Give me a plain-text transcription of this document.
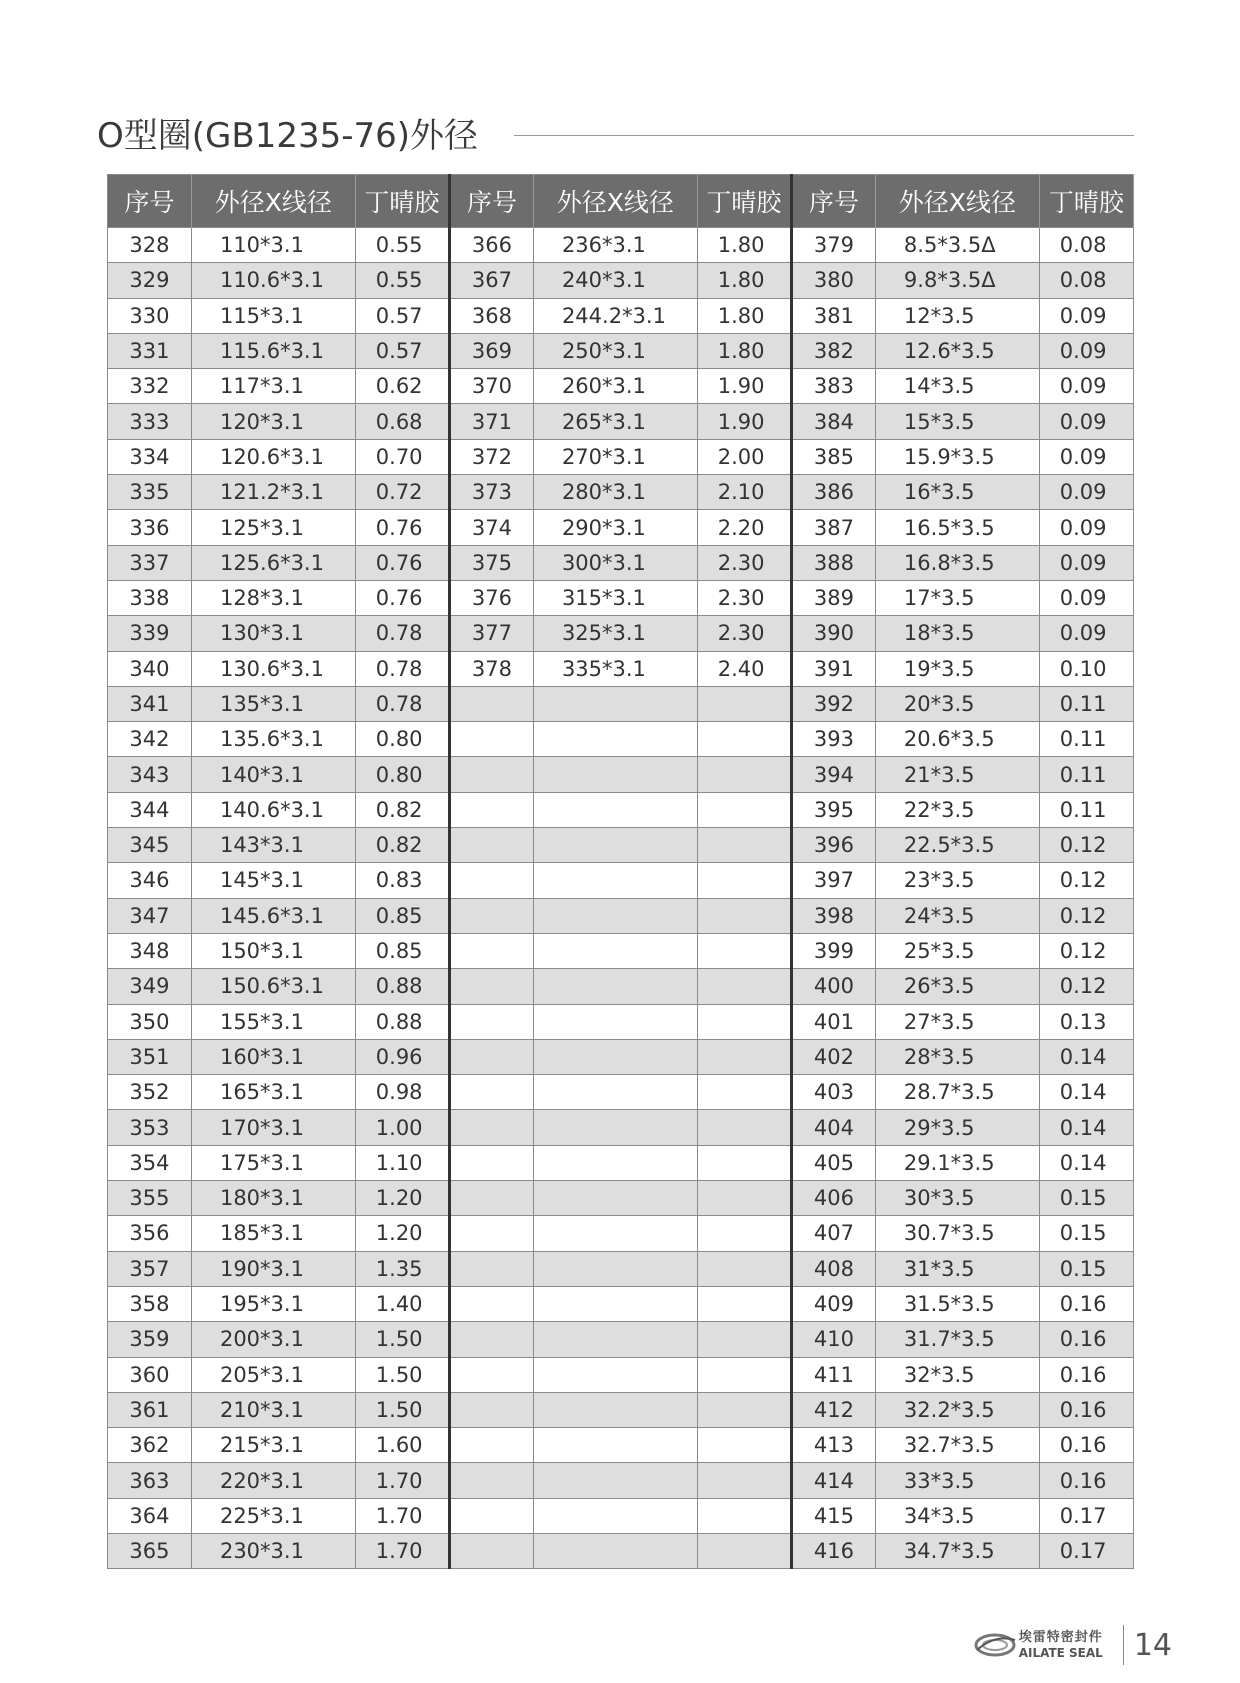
O型圈(GB1235-76)外径
序号	外径X线径	丁晴胶	序号	外径X线径	丁晴胶	序号	外径X线径	丁晴胶
328	110*3.1	0.55	366	236*3.1	1.80	379	8.5*3.5Δ	0.08
329	110.6*3.1	0.55	367	240*3.1	1.80	380	9.8*3.5Δ	0.08
330	115*3.1	0.57	368	244.2*3.1	1.80	381	12*3.5	0.09
331	115.6*3.1	0.57	369	250*3.1	1.80	382	12.6*3.5	0.09
332	117*3.1	0.62	370	260*3.1	1.90	383	14*3.5	0.09
333	120*3.1	0.68	371	265*3.1	1.90	384	15*3.5	0.09
334	120.6*3.1	0.70	372	270*3.1	2.00	385	15.9*3.5	0.09
335	121.2*3.1	0.72	373	280*3.1	2.10	386	16*3.5	0.09
336	125*3.1	0.76	374	290*3.1	2.20	387	16.5*3.5	0.09
337	125.6*3.1	0.76	375	300*3.1	2.30	388	16.8*3.5	0.09
338	128*3.1	0.76	376	315*3.1	2.30	389	17*3.5	0.09
339	130*3.1	0.78	377	325*3.1	2.30	390	18*3.5	0.09
340	130.6*3.1	0.78	378	335*3.1	2.40	391	19*3.5	0.10
341	135*3.1	0.78				392	20*3.5	0.11
342	135.6*3.1	0.80				393	20.6*3.5	0.11
343	140*3.1	0.80				394	21*3.5	0.11
344	140.6*3.1	0.82				395	22*3.5	0.11
345	143*3.1	0.82				396	22.5*3.5	0.12
346	145*3.1	0.83				397	23*3.5	0.12
347	145.6*3.1	0.85				398	24*3.5	0.12
348	150*3.1	0.85				399	25*3.5	0.12
349	150.6*3.1	0.88				400	26*3.5	0.12
350	155*3.1	0.88				401	27*3.5	0.13
351	160*3.1	0.96				402	28*3.5	0.14
352	165*3.1	0.98				403	28.7*3.5	0.14
353	170*3.1	1.00				404	29*3.5	0.14
354	175*3.1	1.10				405	29.1*3.5	0.14
355	180*3.1	1.20				406	30*3.5	0.15
356	185*3.1	1.20				407	30.7*3.5	0.15
357	190*3.1	1.35				408	31*3.5	0.15
358	195*3.1	1.40				409	31.5*3.5	0.16
359	200*3.1	1.50				410	31.7*3.5	0.16
360	205*3.1	1.50				411	32*3.5	0.16
361	210*3.1	1.50				412	32.2*3.5	0.16
362	215*3.1	1.60				413	32.7*3.5	0.16
363	220*3.1	1.70				414	33*3.5	0.16
364	225*3.1	1.70				415	34*3.5	0.17
365	230*3.1	1.70				416	34.7*3.5	0.17
埃雷特密封件
AILATE SEAL 14
